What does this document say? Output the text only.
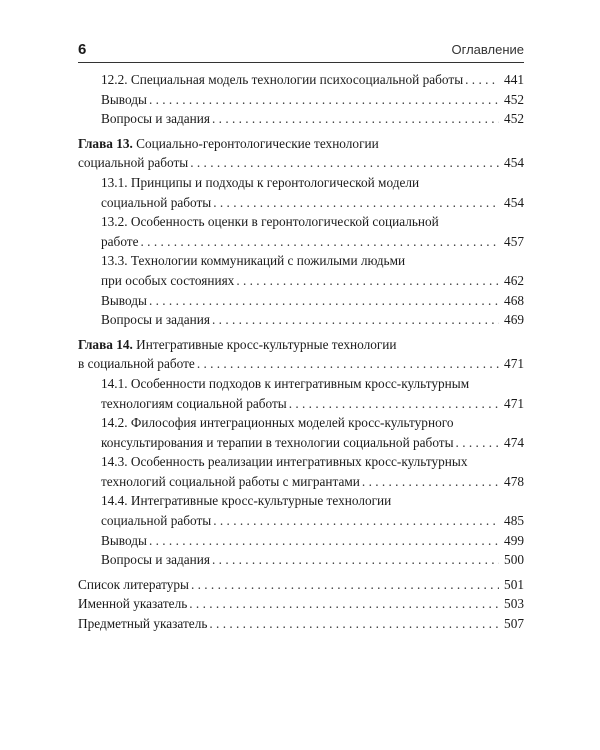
6	Оглавление
12.2. Специальная модель технологии психосоциальной работы . . .	441
Выводы . . .	452
Вопросы и задания . . .	452
Глава 13. Социально-геронтологические технологии
социальной работы . . .	454
13.1. Принципы и подходы к геронтологической модели
социальной работы . . .	454
13.2. Особенность оценки в геронтологической социальной
работе . . .	457
13.3. Технологии коммуникаций с пожилыми людьми
при особых состояниях . . .	462
Выводы . . .	468
Вопросы и задания . . .	469
Глава 14. Интегративные кросс-культурные технологии
в социальной работе . . .	471
14.1. Особенности подходов к интегративным кросс-культурным
технологиям социальной работы . . .	471
14.2. Философия интеграционных моделей кросс-культурного
консультирования и терапии в технологии социальной работы . . .	474
14.3. Особенность реализации интегративных кросс-культурных
технологий социальной работы с мигрантами . . .	478
14.4. Интегративные кросс-культурные технологии
социальной работы . . .	485
Выводы . . .	499
Вопросы и задания . . .	500
Список литературы . . .	501
Именной указатель . . .	503
Предметный указатель . . .	507
